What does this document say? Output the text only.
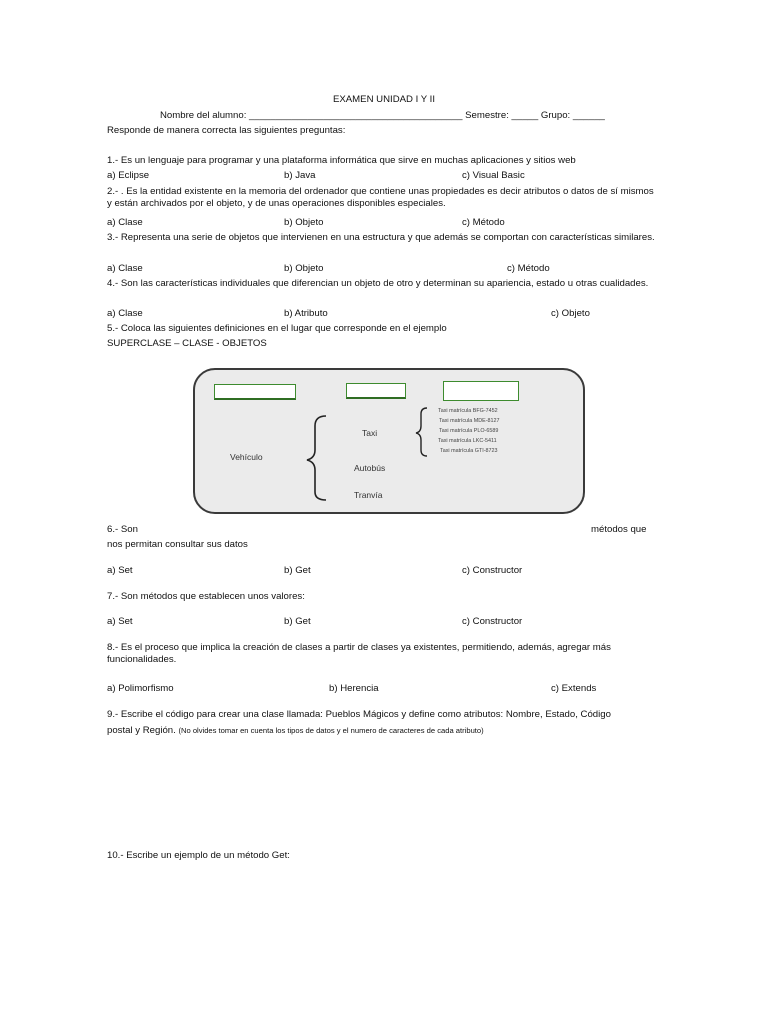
EXAMEN UNIDAD I Y II
Nombre del alumno: ________________________________________ Semestre: _____ Grupo: ______
Responde de manera correcta las siguientes preguntas:
1.- Es un lenguaje para programar y una plataforma informática que sirve en muchas aplicaciones y sitios web
a) Eclipse	b) Java	c) Visual Basic
2.- . Es la entidad existente en la memoria del ordenador que contiene unas propiedades es decir atributos o datos de sí mismos y están archivados por el objeto, y de unas operaciones disponibles especiales.
a) Clase	b) Objeto	c) Método
3.- Representa una serie de objetos que intervienen en una estructura y que además se comportan con características similares.
a) Clase	b) Objeto	c) Método
4.- Son las características individuales que diferencian un objeto de otro y determinan su apariencia, estado u otras cualidades.
a) Clase	b) Atributo	c) Objeto
5.- Coloca las siguientes definiciones en el lugar que corresponde en el ejemplo
SUPERCLASE – CLASE - OBJETOS
Vehículo
Taxi
Autobús
Tranvía
Taxi matrícula BFG-7452
Taxi matrícula MDE-8127
Taxi matrícula PLO-6589
Taxi matrícula LKC-5411
Taxi matrícula GTI-8723
6.- Son	métodos que
nos permitan consultar sus datos
a) Set	b) Get	c) Constructor
7.- Son métodos que establecen unos valores:
a) Set	b) Get	c) Constructor
8.- Es el proceso que implica la creación de clases a partir de clases ya existentes, permitiendo, además, agregar más funcionalidades.
a) Polimorfismo	b) Herencia	c) Extends
9.- Escribe el código para crear una clase llamada: Pueblos Mágicos y define como atributos: Nombre, Estado, Código
postal y Región. (No olvides tomar en cuenta los tipos de datos y el numero de caracteres de cada atributo)
10.- Escribe un ejemplo de un método Get:
